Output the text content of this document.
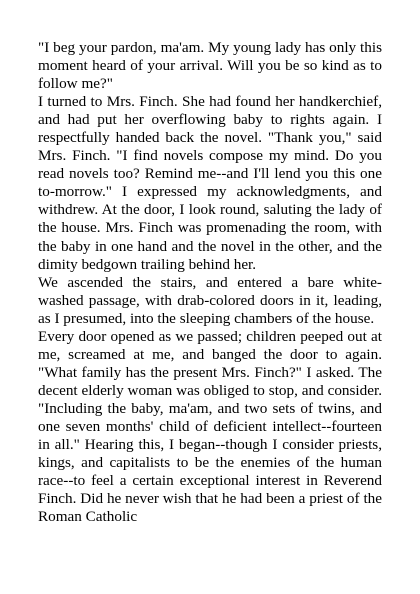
"I beg your pardon, ma'am. My young lady has only this moment heard of your arrival. Will you be so kind as to follow me?"

I turned to Mrs. Finch. She had found her handkerchief, and had put her overflowing baby to rights again. I respectfully handed back the novel. "Thank you," said Mrs. Finch. "I find novels compose my mind. Do you read novels too? Remind me--and I'll lend you this one to-morrow." I expressed my acknowledgments, and withdrew. At the door, I look round, saluting the lady of the house. Mrs. Finch was promenading the room, with the baby in one hand and the novel in the other, and the dimity bedgown trailing behind her.

We ascended the stairs, and entered a bare white-washed passage, with drab-colored doors in it, leading, as I presumed, into the sleeping chambers of the house.

Every door opened as we passed; children peeped out at me, screamed at me, and banged the door to again. "What family has the present Mrs. Finch?" I asked. The decent elderly woman was obliged to stop, and consider. "Including the baby, ma'am, and two sets of twins, and one seven months' child of deficient intellect--fourteen in all." Hearing this, I began--though I consider priests, kings, and capitalists to be the enemies of the human race--to feel a certain exceptional interest in Reverend Finch. Did he never wish that he had been a priest of the Roman Catholic
